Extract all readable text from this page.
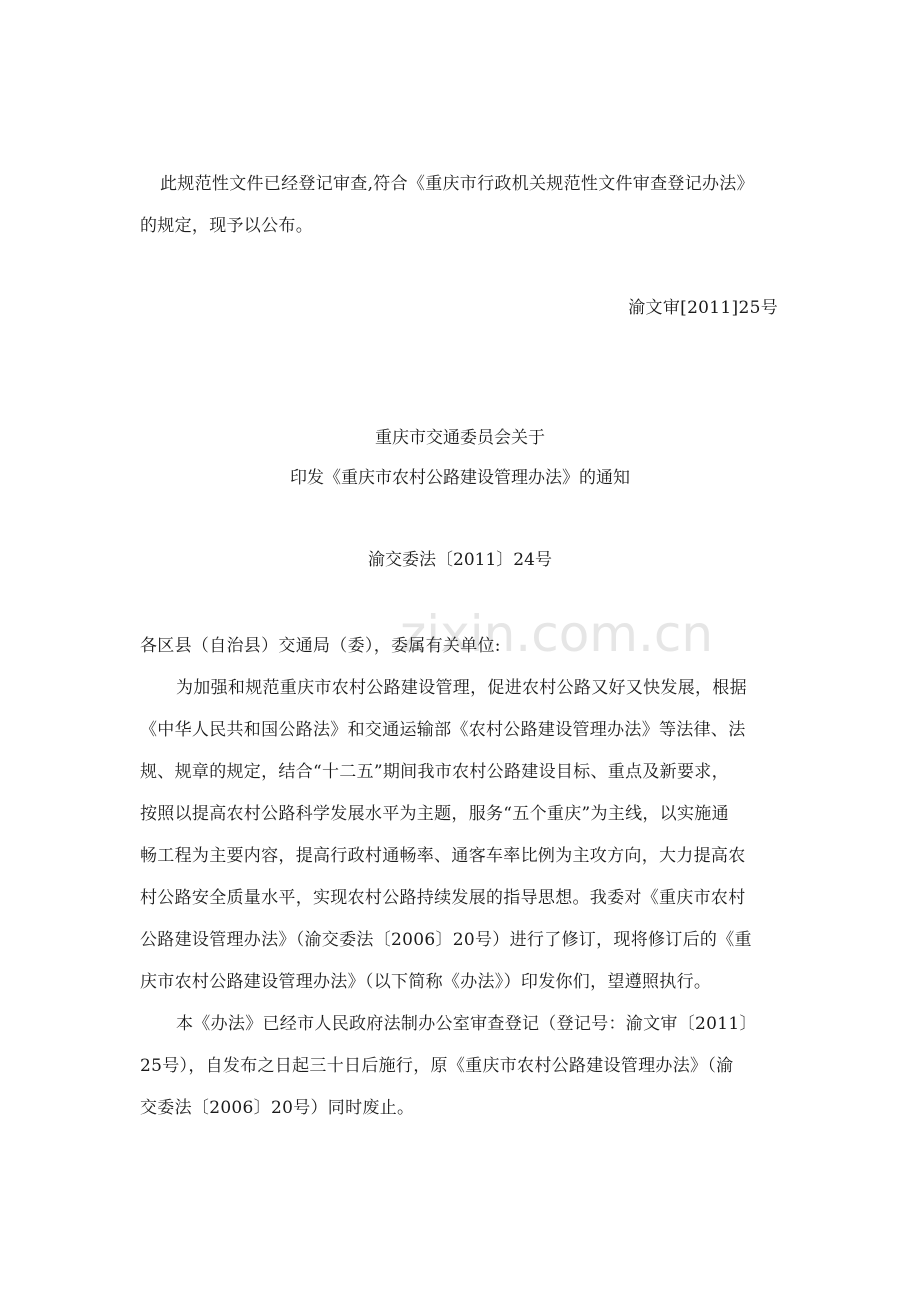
zixin.com.cn
此规范性文件已经登记审查,符合《重庆市行政机关规范性文件审查登记办法》
的规定，现予以公布。
渝文审[2011]25号
重庆市交通委员会关于
印发《重庆市农村公路建设管理办法》的通知
渝交委法〔2011〕24号
各区县（自治县）交通局（委），委属有关单位:
为加强和规范重庆市农村公路建设管理，促进农村公路又好又快发展，根据
《中华人民共和国公路法》和交通运输部《农村公路建设管理办法》等法律、法
规、规章的规定，结合“十二五”期间我市农村公路建设目标、重点及新要求，
按照以提高农村公路科学发展水平为主题，服务“五个重庆”为主线，以实施通
畅工程为主要内容，提高行政村通畅率、通客车率比例为主攻方向，大力提高农
村公路安全质量水平，实现农村公路持续发展的指导思想。我委对《重庆市农村
公路建设管理办法》（渝交委法〔2006〕20号）进行了修订，现将修订后的《重
庆市农村公路建设管理办法》（以下简称《办法》）印发你们，望遵照执行。
本《办法》已经市人民政府法制办公室审查登记（登记号：渝文审〔2011〕
25号），自发布之日起三十日后施行，原《重庆市农村公路建设管理办法》（渝
交委法〔2006〕20号）同时废止。
